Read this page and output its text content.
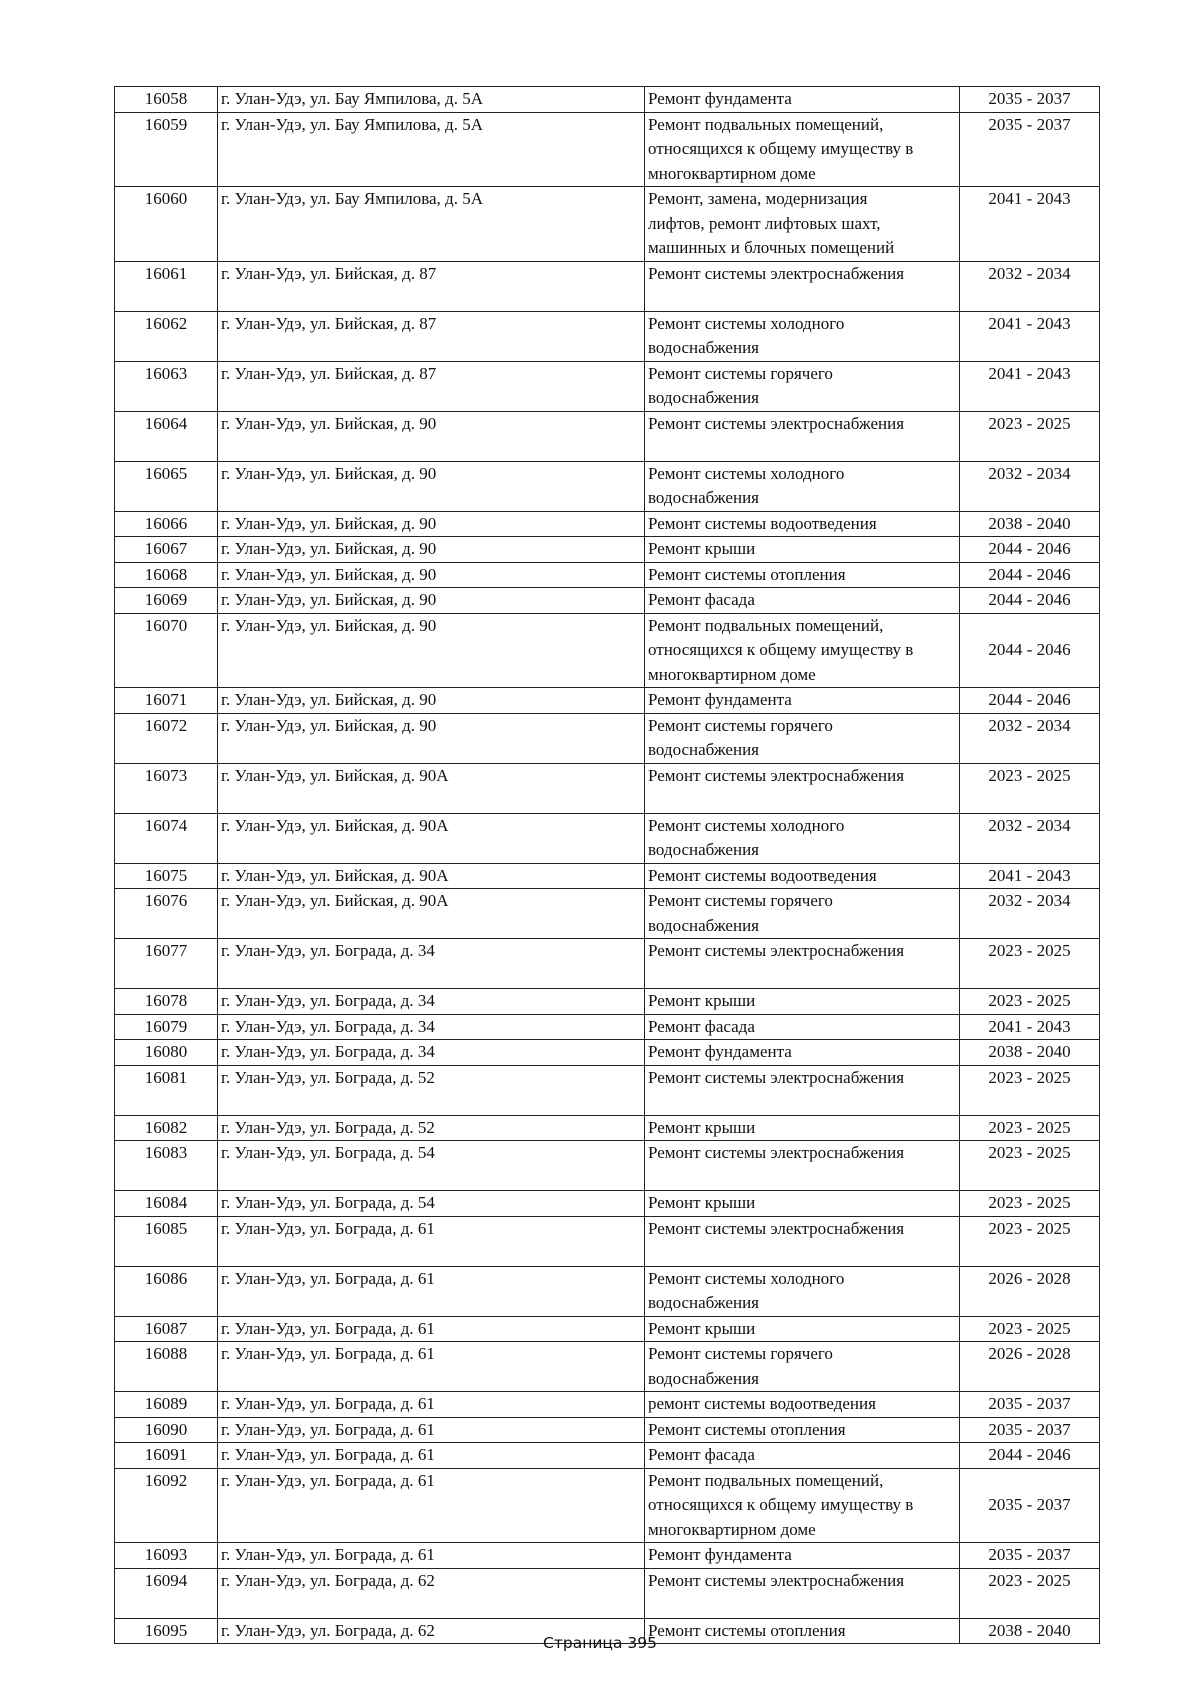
16058	г. Улан-Удэ, ул. Бау Ямпилова, д. 5А	Ремонт фундамента	2035 - 2037
16059	г. Улан-Удэ, ул. Бау Ямпилова, д. 5А	Ремонт подвальных помещений,
относящихся к общему имуществу в
многоквартирном доме	2035 - 2037
16060	г. Улан-Удэ, ул. Бау Ямпилова, д. 5А	Ремонт, замена, модернизация
лифтов, ремонт лифтовых шахт,
машинных и блочных помещений	2041 - 2043
16061	г. Улан-Удэ, ул. Бийская, д. 87	Ремонт системы электроснабжения	2032 - 2034
16062	г. Улан-Удэ, ул. Бийская, д. 87	Ремонт системы холодного
водоснабжения	2041 - 2043
16063	г. Улан-Удэ, ул. Бийская, д. 87	Ремонт системы горячего
водоснабжения	2041 - 2043
16064	г. Улан-Удэ, ул. Бийская, д. 90	Ремонт системы электроснабжения	2023 - 2025
16065	г. Улан-Удэ, ул. Бийская, д. 90	Ремонт системы холодного
водоснабжения	2032 - 2034
16066	г. Улан-Удэ, ул. Бийская, д. 90	Ремонт системы водоотведения	2038 - 2040
16067	г. Улан-Удэ, ул. Бийская, д. 90	Ремонт крыши	2044 - 2046
16068	г. Улан-Удэ, ул. Бийская, д. 90	Ремонт системы отопления	2044 - 2046
16069	г. Улан-Удэ, ул. Бийская, д. 90	Ремонт фасада	2044 - 2046
16070	г. Улан-Удэ, ул. Бийская, д. 90	Ремонт подвальных помещений,
относящихся к общему имуществу в
многоквартирном доме	2044 - 2046
16071	г. Улан-Удэ, ул. Бийская, д. 90	Ремонт фундамента	2044 - 2046
16072	г. Улан-Удэ, ул. Бийская, д. 90	Ремонт системы горячего
водоснабжения	2032 - 2034
16073	г. Улан-Удэ, ул. Бийская, д. 90А	Ремонт системы электроснабжения	2023 - 2025
16074	г. Улан-Удэ, ул. Бийская, д. 90А	Ремонт системы холодного
водоснабжения	2032 - 2034
16075	г. Улан-Удэ, ул. Бийская, д. 90А	Ремонт системы водоотведения	2041 - 2043
16076	г. Улан-Удэ, ул. Бийская, д. 90А	Ремонт системы горячего
водоснабжения	2032 - 2034
16077	г. Улан-Удэ, ул. Бограда, д. 34	Ремонт системы электроснабжения	2023 - 2025
16078	г. Улан-Удэ, ул. Бограда, д. 34	Ремонт крыши	2023 - 2025
16079	г. Улан-Удэ, ул. Бограда, д. 34	Ремонт фасада	2041 - 2043
16080	г. Улан-Удэ, ул. Бограда, д. 34	Ремонт фундамента	2038 - 2040
16081	г. Улан-Удэ, ул. Бограда, д. 52	Ремонт системы электроснабжения	2023 - 2025
16082	г. Улан-Удэ, ул. Бограда, д. 52	Ремонт крыши	2023 - 2025
16083	г. Улан-Удэ, ул. Бограда, д. 54	Ремонт системы электроснабжения	2023 - 2025
16084	г. Улан-Удэ, ул. Бограда, д. 54	Ремонт крыши	2023 - 2025
16085	г. Улан-Удэ, ул. Бограда, д. 61	Ремонт системы электроснабжения	2023 - 2025
16086	г. Улан-Удэ, ул. Бограда, д. 61	Ремонт системы холодного
водоснабжения	2026 - 2028
16087	г. Улан-Удэ, ул. Бограда, д. 61	Ремонт крыши	2023 - 2025
16088	г. Улан-Удэ, ул. Бограда, д. 61	Ремонт системы горячего
водоснабжения	2026 - 2028
16089	г. Улан-Удэ, ул. Бограда, д. 61	ремонт системы водоотведения	2035 - 2037
16090	г. Улан-Удэ, ул. Бограда, д. 61	Ремонт системы отопления	2035 - 2037
16091	г. Улан-Удэ, ул. Бограда, д. 61	Ремонт фасада	2044 - 2046
16092	г. Улан-Удэ, ул. Бограда, д. 61	Ремонт подвальных помещений,
относящихся к общему имуществу в
многоквартирном доме	2035 - 2037
16093	г. Улан-Удэ, ул. Бограда, д. 61	Ремонт фундамента	2035 - 2037
16094	г. Улан-Удэ, ул. Бограда, д. 62	Ремонт системы электроснабжения	2023 - 2025
16095	г. Улан-Удэ, ул. Бограда, д. 62	Ремонт системы отопления	2038 - 2040
Страница 395
